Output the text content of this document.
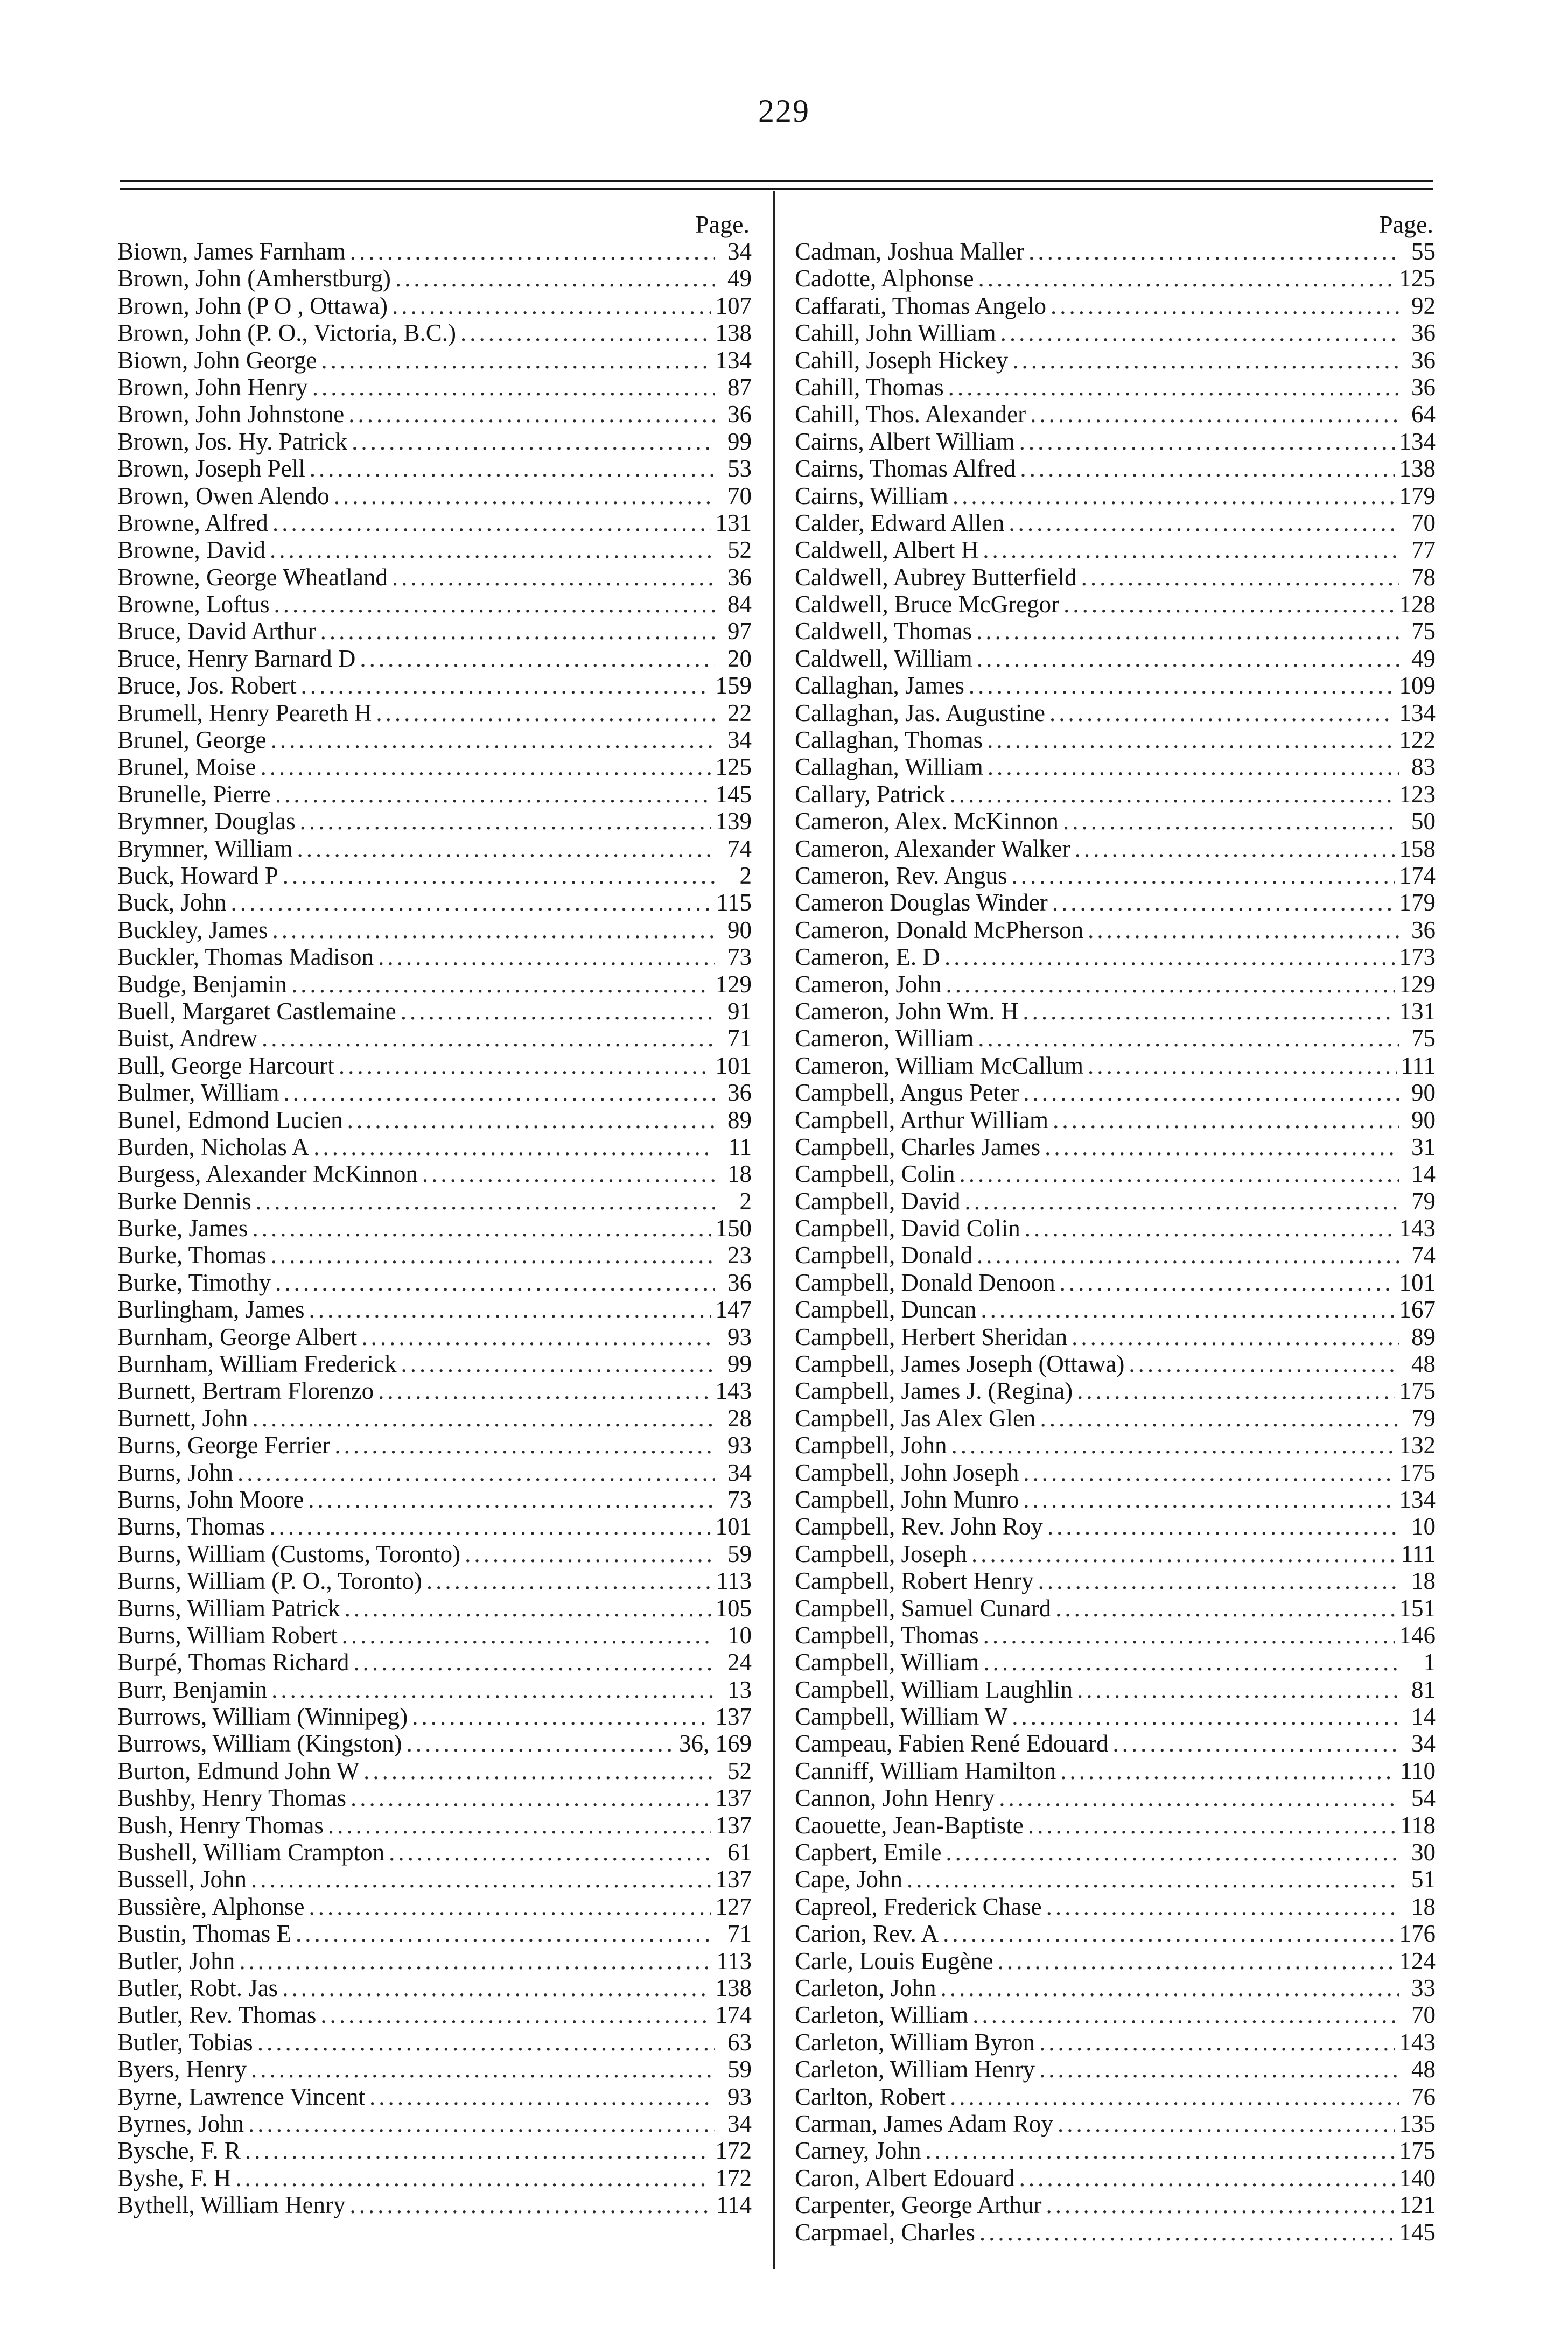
229
Page.
Biown, James Farnham .....	34
Brown, John (Amherstburg) .....	49
Brown, John (P O , Ottawa) .....	107
Brown, John (P. O., Victoria, B.C.) .....	138
Biown, John George .....	134
Brown, John Henry .....	87
Brown, John Johnstone .....	36
Brown, Jos. Hy. Patrick .....	99
Brown, Joseph Pell .....	53
Brown, Owen Alendo .....	70
Browne, Alfred .....	131
Browne, David .....	52
Browne, George Wheatland .....	36
Browne, Loftus .....	84
Bruce, David Arthur .....	97
Bruce, Henry Barnard D .....	20
Bruce, Jos. Robert .....	159
Brumell, Henry Peareth H .....	22
Brunel, George .....	34
Brunel, Moise .....	125
Brunelle, Pierre .....	145
Brymner, Douglas .....	139
Brymner, William .....	74
Buck, Howard P .....	2
Buck, John .....	115
Buckley, James .....	90
Buckler, Thomas Madison .....	73
Budge, Benjamin .....	129
Buell, Margaret Castlemaine .....	91
Buist, Andrew .....	71
Bull, George Harcourt .....	101
Bulmer, William .....	36
Bunel, Edmond Lucien .....	89
Burden, Nicholas A .....	11
Burgess, Alexander McKinnon .....	18
Burke Dennis .....	2
Burke, James .....	150
Burke, Thomas .....	23
Burke, Timothy .....	36
Burlingham, James .....	147
Burnham, George Albert .....	93
Burnham, William Frederick .....	99
Burnett, Bertram Florenzo .....	143
Burnett, John .....	28
Burns, George Ferrier .....	93
Burns, John .....	34
Burns, John Moore .....	73
Burns, Thomas .....	101
Burns, William (Customs, Toronto) .....	59
Burns, William (P. O., Toronto) .....	113
Burns, William Patrick .....	105
Burns, William Robert .....	10
Burpé, Thomas Richard .....	24
Burr, Benjamin .....	13
Burrows, William (Winnipeg) .....	137
Burrows, William (Kingston) .....	36, 169
Burton, Edmund John W .....	52
Bushby, Henry Thomas .....	137
Bush, Henry Thomas .....	137
Bushell, William Crampton .....	61
Bussell, John .....	137
Bussière, Alphonse .....	127
Bustin, Thomas E .....	71
Butler, John .....	113
Butler, Robt. Jas .....	138
Butler, Rev. Thomas .....	174
Butler, Tobias .....	63
Byers, Henry .....	59
Byrne, Lawrence Vincent .....	93
Byrnes, John .....	34
Bysche, F. R .....	172
Byshe, F. H .....	172
Bythell, William Henry .....	114
Page.
Cadman, Joshua Maller .....	55
Cadotte, Alphonse .....	125
Caffarati, Thomas Angelo .....	92
Cahill, John William .....	36
Cahill, Joseph Hickey .....	36
Cahill, Thomas .....	36
Cahill, Thos. Alexander .....	64
Cairns, Albert William .....	134
Cairns, Thomas Alfred .....	138
Cairns, William .....	179
Calder, Edward Allen .....	70
Caldwell, Albert H .....	77
Caldwell, Aubrey Butterfield .....	78
Caldwell, Bruce McGregor .....	128
Caldwell, Thomas .....	75
Caldwell, William .....	49
Callaghan, James .....	109
Callaghan, Jas. Augustine .....	134
Callaghan, Thomas .....	122
Callaghan, William .....	83
Callary, Patrick .....	123
Cameron, Alex. McKinnon .....	50
Cameron, Alexander Walker .....	158
Cameron, Rev. Angus .....	174
Cameron Douglas Winder .....	179
Cameron, Donald McPherson .....	36
Cameron, E. D .....	173
Cameron, John .....	129
Cameron, John Wm. H .....	131
Cameron, William .....	75
Cameron, William McCallum .....	111
Campbell, Angus Peter .....	90
Campbell, Arthur William .....	90
Campbell, Charles James .....	31
Campbell, Colin .....	14
Campbell, David .....	79
Campbell, David Colin .....	143
Campbell, Donald .....	74
Campbell, Donald Denoon .....	101
Campbell, Duncan .....	167
Campbell, Herbert Sheridan .....	89
Campbell, James Joseph (Ottawa) .....	48
Campbell, James J. (Regina) .....	175
Campbell, Jas Alex Glen .....	79
Campbell, John .....	132
Campbell, John Joseph .....	175
Campbell, John Munro .....	134
Campbell, Rev. John Roy .....	10
Campbell, Joseph .....	111
Campbell, Robert Henry .....	18
Campbell, Samuel Cunard .....	151
Campbell, Thomas .....	146
Campbell, William .....	1
Campbell, William Laughlin .....	81
Campbell, William W .....	14
Campeau, Fabien René Edouard .....	34
Canniff, William Hamilton .....	110
Cannon, John Henry .....	54
Caouette, Jean-Baptiste .....	118
Capbert, Emile .....	30
Cape, John .....	51
Capreol, Frederick Chase .....	18
Carion, Rev. A .....	176
Carle, Louis Eugène .....	124
Carleton, John .....	33
Carleton, William .....	70
Carleton, William Byron .....	143
Carleton, William Henry .....	48
Carlton, Robert .....	76
Carman, James Adam Roy .....	135
Carney, John .....	175
Caron, Albert Edouard .....	140
Carpenter, George Arthur .....	121
Carpmael, Charles .....	145
